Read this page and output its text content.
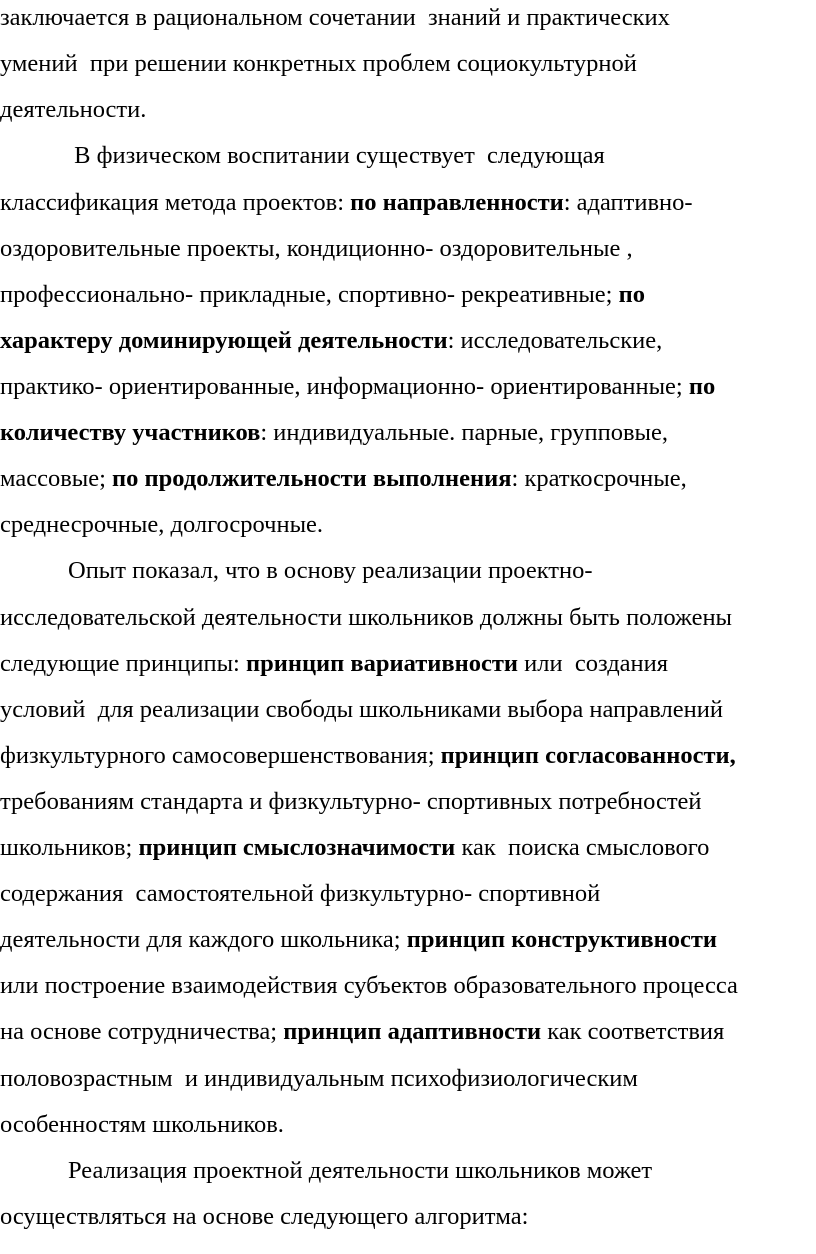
заключается в рациональном сочетании  знаний и практических
умений  при решении конкретных проблем социокультурной
деятельности.
В физическом воспитании существует  следующая
классификация метода проектов: по направленности: адаптивно-
оздоровительные проекты, кондиционно- оздоровительные ,
профессионально- прикладные, спортивно- рекреативные; по
характеру доминирующей деятельности: исследовательские,
практико- ориентированные, информационно- ориентированные; по
количеству участников: индивидуальные. парные, групповые,
массовые; по продолжительности выполнения: краткосрочные,
среднесрочные, долгосрочные.
Опыт показал, что в основу реализации проектно-
исследовательской деятельности школьников должны быть положены
следующие принципы: принцип вариативности или  создания
условий  для реализации свободы школьниками выбора направлений
физкультурного самосовершенствования; принцип согласованности,
требованиям стандарта и физкультурно- спортивных потребностей
школьников; принцип смыслозначимости как  поиска смыслового
содержания  самостоятельной физкультурно- спортивной
деятельности для каждого школьника; принцип конструктивности
или построение взаимодействия субъектов образовательного процесса
на основе сотрудничества; принцип адаптивности как соответствия
половозрастным  и индивидуальным психофизиологическим
особенностям школьников.
Реализация проектной деятельности школьников может
осуществляться на основе следующего алгоритма:
